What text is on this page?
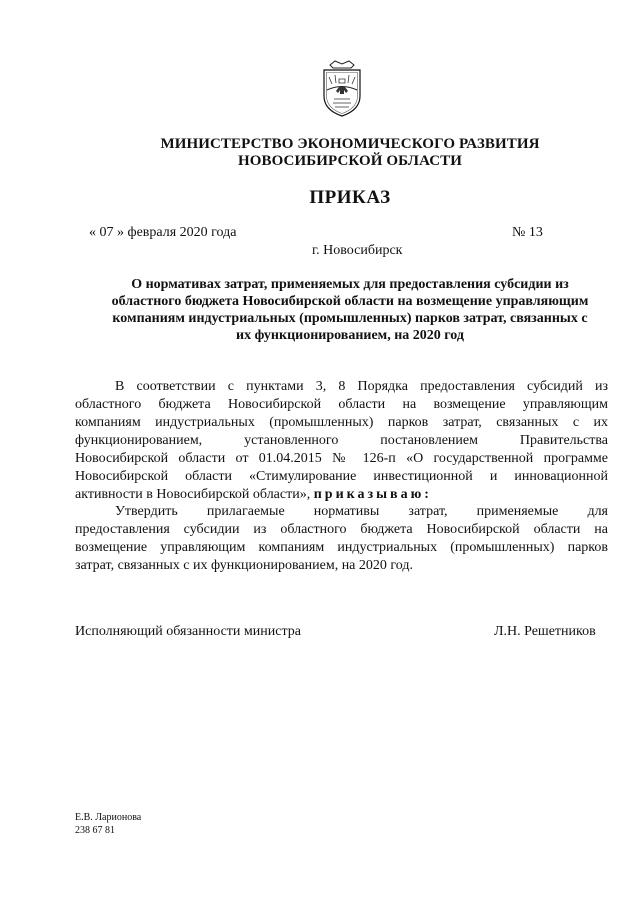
МИНИСТЕРСТВО ЭКОНОМИЧЕСКОГО РАЗВИТИЯ
НОВОСИБИРСКОЙ ОБЛАСТИ
ПРИКАЗ
« 07 » февраля 2020 года	№ 13
г. Новосибирск
О нормативах затрат, применяемых для предоставления субсидии из
областного бюджета Новосибирской области на возмещение управляющим
компаниям индустриальных (промышленных) парков затрат, связанных с
их функционированием, на 2020 год
В соответствии с пунктами 3, 8 Порядка предоставления субсидий из
областного бюджета Новосибирской области на возмещение управляющим
компаниям индустриальных (промышленных) парков затрат, связанных с их
функционированием, установленного постановлением Правительства
Новосибирской области от 01.04.2015 № 126-п «О государственной программе
Новосибирской области «Стимулирование инвестиционной и инновационной
активности в Новосибирской области», приказываю:
Утвердить прилагаемые нормативы затрат, применяемые для
предоставления субсидии из областного бюджета Новосибирской области на
возмещение управляющим компаниям индустриальных (промышленных) парков
затрат, связанных с их функционированием, на 2020 год.
Исполняющий обязанности министра	Л.Н. Решетников
Е.В. Ларионова
238 67 81
